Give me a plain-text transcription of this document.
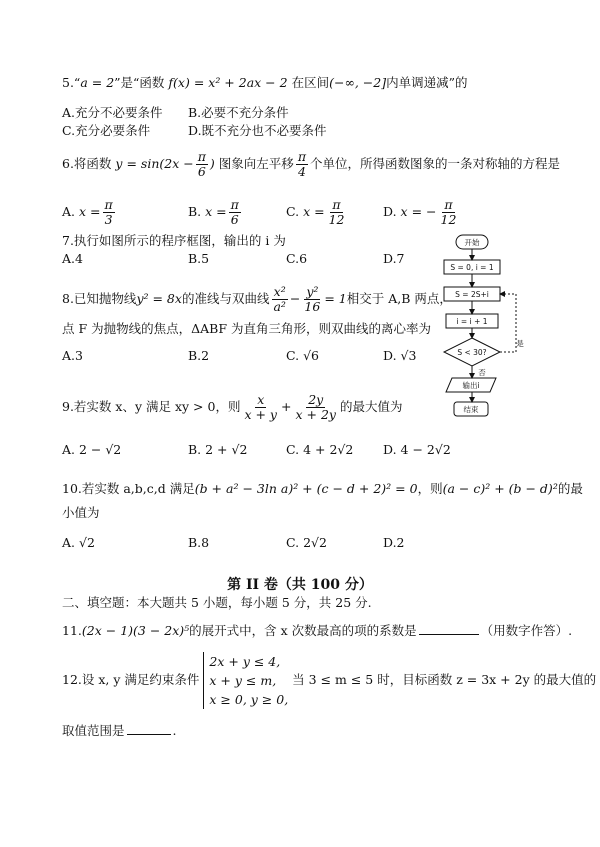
5.“a = 2”是“函数 f(x) = x² + 2ax − 2 在区间(−∞, −2]内单调递减”的
A.充分不必要条件 B.必要不充分条件
C.充分必要条件	D.既不充分也不必要条件
6.将函数 $y = \sin(2x - \frac{\pi}{6}$ ) 图象向左平移 $\frac{\pi}{4}$ 个单位，所得函数图象的一条对称轴的方程是
A. $x = \frac{\pi}{3}$	B. $x = \frac{\pi}{6}$	C. $x = \frac{\pi}{12}$	D. x = − $\frac{\pi}{12}$
7.执行如图所示的程序框图，输出的 i 为
A.4	B.5	C.6	D.7
开始
S = 0, i = 1
S = 2S+i
i = i + 1
S < 30?
输出i
结束
是
否
8.已知抛物线y² = 8x的准线与双曲线 $\frac{\text{x²}}{\text{a²}} - \frac{\text{y²}}{16} = 1$相交于 A,B 两点，
点 F 为抛物线的焦点，ΔABF 为直角三角形，则双曲线的离心率为
A.3	B.2	C. √6	D. √3
9.若实数 x、y 满足 xy > 0，则 $\frac{x}{x + y} + \frac{2y}{x + 2y}$ 的最大值为
A. 2 − √2	B. 2 + √2	C. 4 + 2√2 D. 4 − 2√2
10.若实数 a,b,c,d 满足(b + a² − 3ln a)² + (c − d + 2)² = 0，则(a − c)² + (b − d)²的最
小值为
A. √2	B.8	C. 2√2	D.2
第 II 卷（共 100 分）
二、填空题：本大题共 5 小题，每小题 5 分，共 25 分.
11.(2x − 1)(3 − 2x)⁵的展开式中，含 x 次数最高的项的系数是	（用数字作答）.
12.设 x, y 满足约束条件
2x + y ≤ 4,
x + y ≤ m,
x ≥ 0, y ≥ 0,
当 3 ≤ m ≤ 5 时，目标函数 z = 3x + 2y 的最大值的
取值范围是	.
